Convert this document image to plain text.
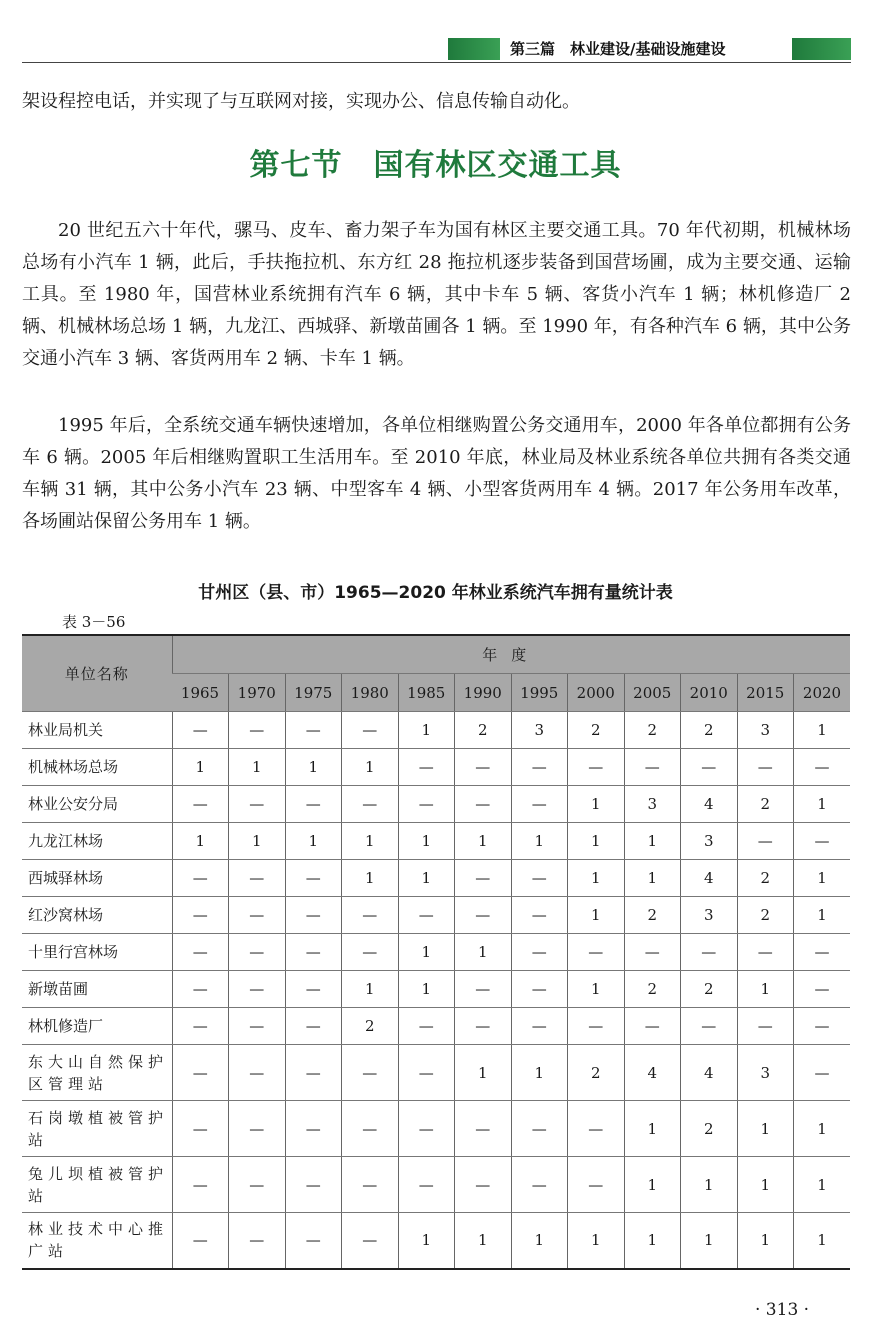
第三篇　林业建设/基础设施建设
架设程控电话，并实现了与互联网对接，实现办公、信息传输自动化。
第七节　国有林区交通工具

20 世纪五六十年代，骡马、皮车、畜力架子车为国有林区主要交通工具。70 年代初期，机械林场总场有小汽车 1 辆，此后，手扶拖拉机、东方红 28 拖拉机逐步装备到国营场圃，成为主要交通、运输工具。至 1980 年，国营林业系统拥有汽车 6 辆，其中卡车 5 辆、客货小汽车 1 辆；林机修造厂 2 辆、机械林场总场 1 辆，九龙江、西城驿、新墩苗圃各 1 辆。至 1990 年，有各种汽车 6 辆，其中公务交通小汽车 3 辆、客货两用车 2 辆、卡车 1 辆。

1995 年后，全系统交通车辆快速增加，各单位相继购置公务交通用车，2000 年各单位都拥有公务车 6 辆。2005 年后相继购置职工生活用车。至 2010 年底，林业局及林业系统各单位共拥有各类交通车辆 31 辆，其中公务小汽车 23 辆、中型客车 4 辆、小型客货两用车 4 辆。2017 年公务用车改革，各场圃站保留公务用车 1 辆。

甘州区（县、市）1965—2020 年林业系统汽车拥有量统计表
表 3－56
单位名称	年度											
	1965	1970	1975	1980	1985	1990	1995	2000	2005	2010	2015	2020
林业局机关	—	—	—	—	1	2	3	2	2	2	3	1
机械林场总场	1	1	1	1	—	—	—	—	—	—	—	—
林业公安分局	—	—	—	—	—	—	—	1	3	4	2	1
九龙江林场	1	1	1	1	1	1	1	1	1	3	—	—
西城驿林场	—	—	—	1	1	—	—	1	1	4	2	1
红沙窝林场	—	—	—	—	—	—	—	1	2	3	2	1
十里行宫林场	—	—	—	—	1	1	—	—	—	—	—	—
新墩苗圃	—	—	—	1	1	—	—	1	2	2	1	—
林机修造厂	—	—	—	2	—	—	—	—	—	—	—	—
东大山自然保护区管理站	—	—	—	—	—	1	1	2	4	4	3	—
石岗墩植被管护站	—	—	—	—	—	—	—	—	1	2	1	1
兔儿坝植被管护站	—	—	—	—	—	—	—	—	1	1	1	1
林业技术中心推广站	—	—	—	—	1	1	1	1	1	1	1	1
· 313 ·
